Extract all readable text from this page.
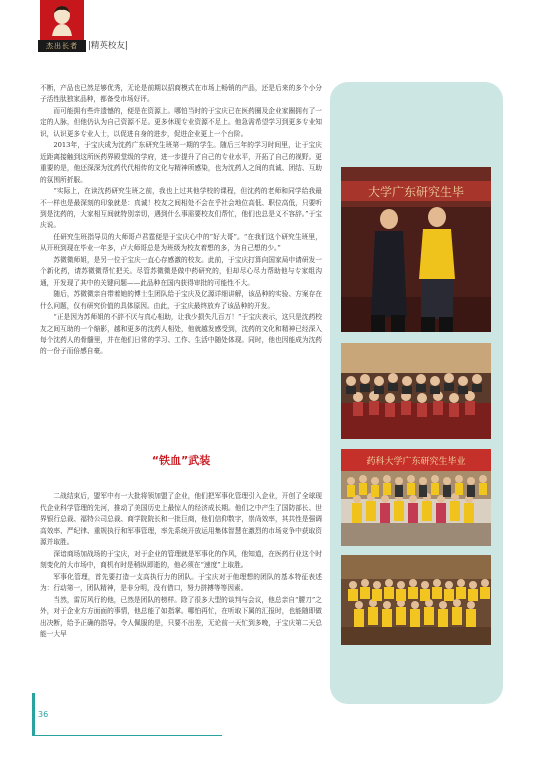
杰出长者	|精英校友|

不断，产品也已然足够优秀，无论是前期以招商模式在市场上畅销的产品，还是后来的多个小分子活性肽独家品种，都备受市场好评。

而可能拥有些许遗憾的，便是在资源上。哪怕当时的于宝庆已在医药圈及企业家圈拥有了一定的人脉，但他仍认为自己资源不足。更多休现专业资源不足上。他急需希望学习到更多专业知识，认识更多专业人士，以促进自身的进步，促进企业更上一个台阶。

2013年，于宝庆成为沈药广东研究生班第一期的学生。随后三年的学习时间里，让于宝庆近距离接触到这所医药界殿堂级的学府，进一步提升了自己的专业水平，开拓了自己的视野。更重要的是，他还深深为沈药代代相传的文化与精神所感染，也为沈药人之间的真诚、团结、互助的氛围所折服。

“实际上，在读沈药研究生班之前，我也上过其他学校的课程，但沈药的老师和同学给我最不一样也是最深刻的印象就是：真诚！校友之间相处不会在乎社会地位高低、职位高低，只要听到是沈药的，大家相互间就特别亲切，遇到什么事需要校友们帮忙，他们也总是义不容辞。”于宝庆说。

任研究生班指导员的大师哥卢君霆便是于宝庆心中的“好大哥”。“在我们这个研究生班里，从开班到现在毕业一年多，卢大师哥总是为班级为校友着想的多，为自己想的少。”

苏微微师姐，是另一位于宝庆一直心存感激的校友。此前，于宝庆打算向国家局申请研发一个新化药，请苏微微帮忙把关。尽管苏微微是做中药研究的，但却尽心尽力帮助他与专家组沟通，开发现了其中的关键问题——此品种在国内获得审批的可能性不大。

随后，苏微微亲自带着她的博士生团队给于宝庆及亿源详细讲解，该品种的实验、方案存在什么问题，仅有研究价值的具体原因。由此，于宝庆最终放弃了该品种的开发。

“正是因为苏师姐的不辞不厌与真心相助，让我少损失几百万！”于宝庆表示，这只是沈药校友之间互助的一个缩影，越和更多的沈药人相处，他就越发感受到，沈药的文化和精神已经深入每个沈药人的骨髓里，并在他们日常的学习、工作、生活中随处体现。同时，他也因能成为沈药的一份子而倍感自豪。

“铁血”武装

二战结束后，盟军中有一大批将领加盟了企业，他们把军事化管理引入企业，开创了全球现代企业科学管理的先河，推动了美国历史上最惊人的经济成长期。他们之中产生了国防部长、世界银行总裁、福特公司总裁、商学院院长和一批巨商，他们信仰数字，崇尚效率，其共性是强调高效率、严纪律、重规执行和军事管理，率先系统开放运用集体智慧在激烈的市场竞争中获取资源并取胜。

深谙商场加战场的于宝庆，对于企业的管理就是军事化的作风，他知道，在医药行业这个时刻变化的大市场中，商机有时是稍纵即逝的，他必须在“速度”上取胜。

军事化管理，首先要打造一支高执行力的团队。于宝庆对于他理想的团队的基本特征表述为：行动第一，团队精神，是非分明，没有借口，努力拼搏等等因素。

当然，雷厉风行的他，已然是团队的榜样。除了很多大型的谈判与会议，他总亲自“腰刀”之外，对于企业方方面面的事情，他总能了如指掌。哪怕再忙，在听取下属的汇报时，也能随即做出决断，给予正确的指导。令人佩服的是，只要不出差，无论前一天忙到多晚，于宝庆第二天总能一大早

大学广东研究生毕
药科大学广东研究生毕业
36
